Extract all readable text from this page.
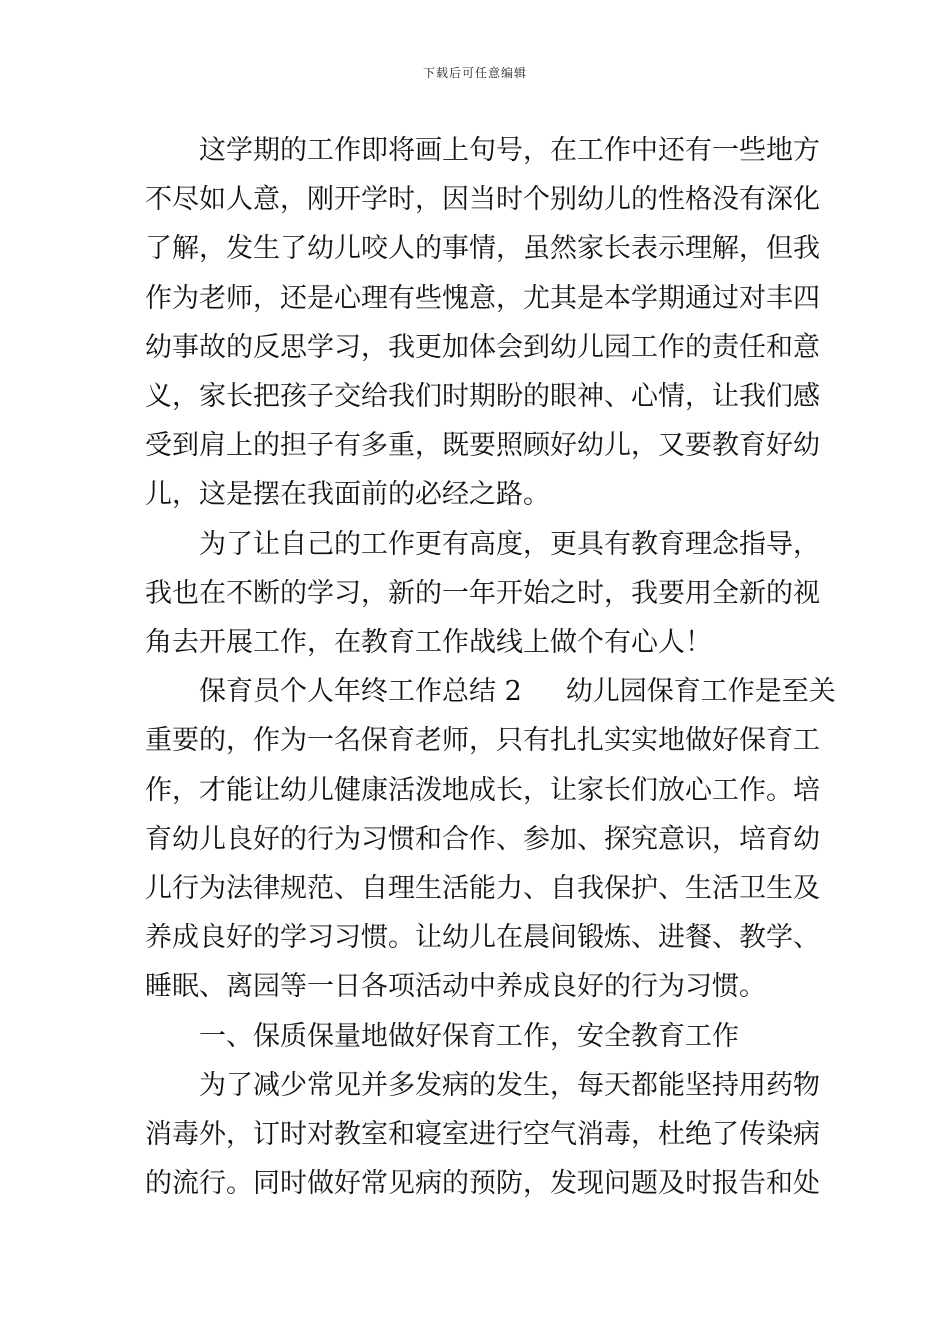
下载后可任意编辑
这学期的工作即将画上句号，在工作中还有一些地方
不尽如人意，刚开学时，因当时个别幼儿的性格没有深化
了解，发生了幼儿咬人的事情，虽然家长表示理解，但我
作为老师，还是心理有些愧意，尤其是本学期通过对丰四
幼事故的反思学习，我更加体会到幼儿园工作的责任和意
义，家长把孩子交给我们时期盼的眼神、心情，让我们感
受到肩上的担子有多重，既要照顾好幼儿，又要教育好幼
儿，这是摆在我面前的必经之路。
为了让自己的工作更有高度，更具有教育理念指导，
我也在不断的学习，新的一年开始之时，我要用全新的视
角去开展工作，在教育工作战线上做个有心人！
保育员个人年终工作总结 2 幼儿园保育工作是至关
重要的，作为一名保育老师，只有扎扎实实地做好保育工
作，才能让幼儿健康活泼地成长，让家长们放心工作。培
育幼儿良好的行为习惯和合作、参加、探究意识，培育幼
儿行为法律规范、自理生活能力、自我保护、生活卫生及
养成良好的学习习惯。让幼儿在晨间锻炼、进餐、教学、
睡眠、离园等一日各项活动中养成良好的行为习惯。
一、保质保量地做好保育工作，安全教育工作
为了减少常见并多发病的发生，每天都能坚持用药物
消毒外，订时对教室和寝室进行空气消毒，杜绝了传染病
的流行。同时做好常见病的预防，发现问题及时报告和处
